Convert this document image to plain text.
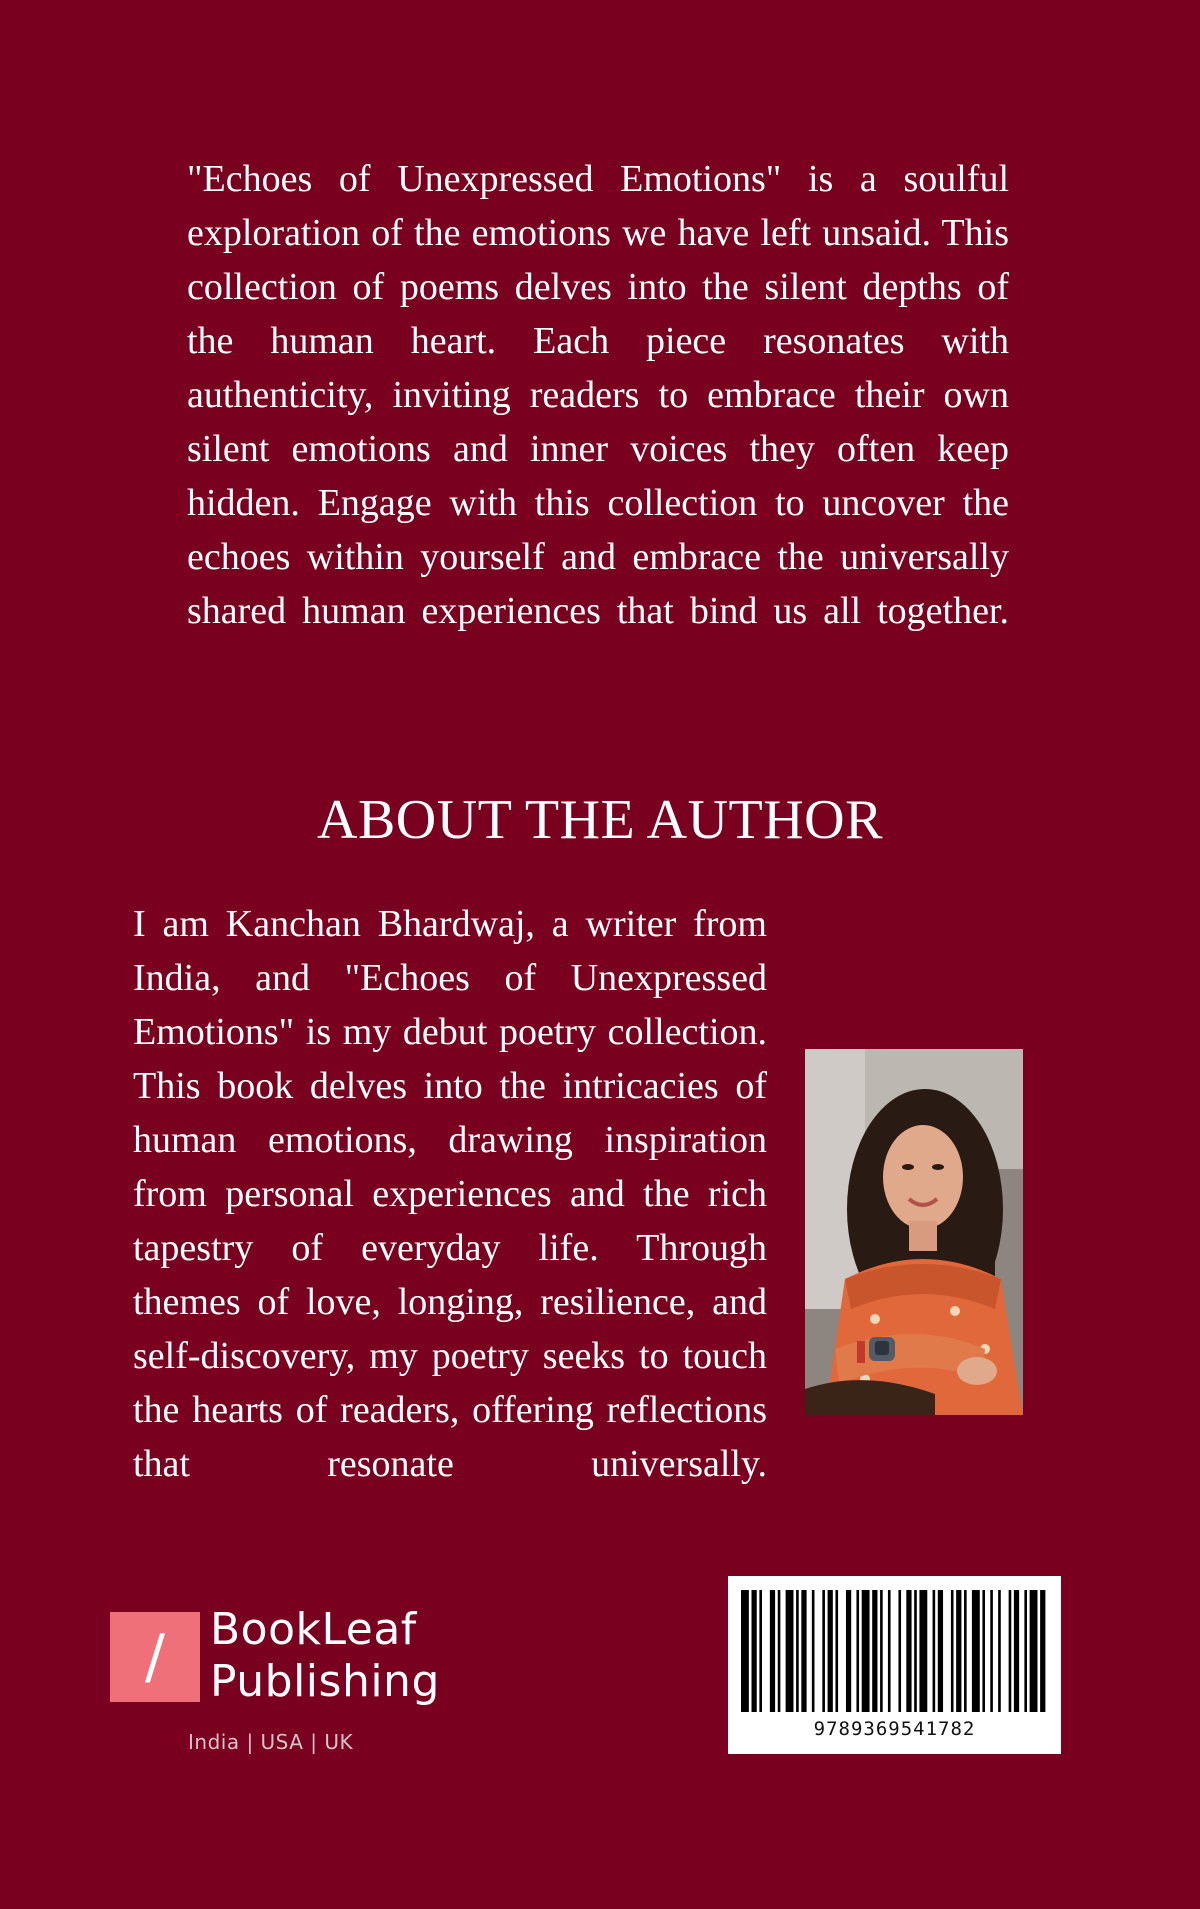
"Echoes of Unexpressed Emotions" is a soulful exploration of the emotions we have left unsaid. This collection of poems delves into the silent depths of the human heart. Each piece resonates with authenticity, inviting readers to embrace their own silent emotions and inner voices they often keep hidden. Engage with this collection to uncover the echoes within yourself and embrace the universally shared human experiences that bind us all together.

ABOUT THE AUTHOR

I am Kanchan Bhardwaj, a writer from India, and "Echoes of Unexpressed Emotions" is my debut poetry collection. This book delves into the intricacies of human emotions, drawing inspiration from personal experiences and the rich tapestry of everyday life. Through themes of love, longing, resilience, and self-discovery, my poetry seeks to touch the hearts of readers, offering reflections that resonate universally.

/	BookLeaf
Publishing
India | USA | UK
9789369541782
